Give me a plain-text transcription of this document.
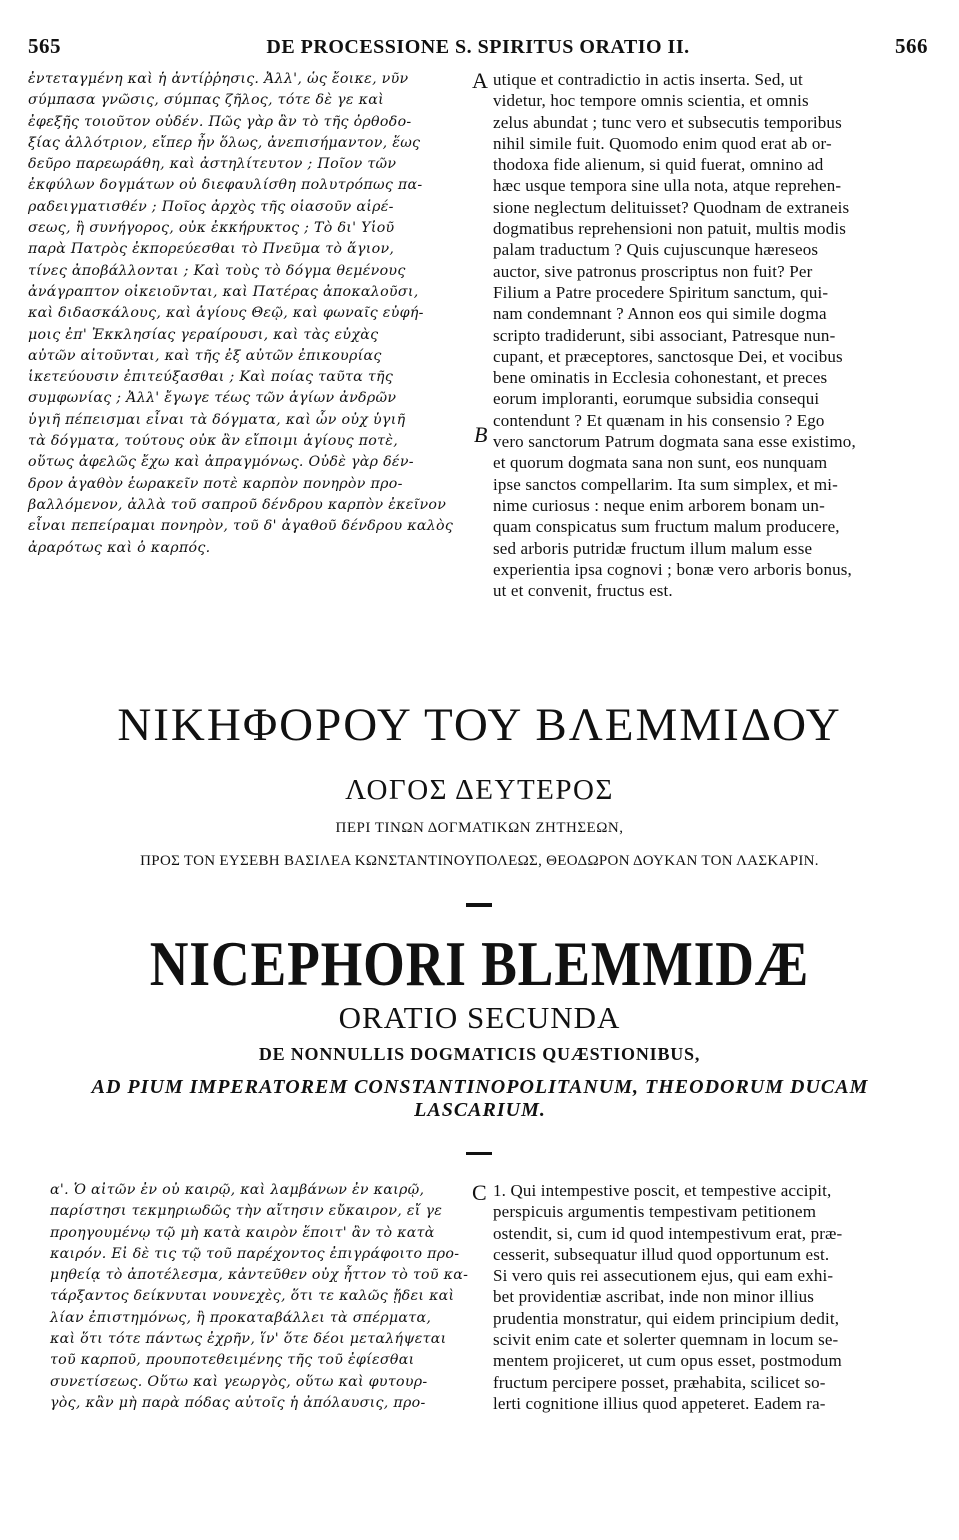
565	DE PROCESSIONE S. SPIRITUS ORATIO II.	566
ἐντεταγμένη καὶ ἡ ἀντίῤῥησις. Ἀλλ', ὡς ἔοικε, νῦν
σύμπασα γνῶσις, σύμπας ζῆλος, τότε δὲ γε καὶ
ἐφεξῆς τοιοῦτον οὐδέν. Πῶς γὰρ ἂν τὸ τῆς ὀρθοδο-
ξίας ἀλλότριον, εἴπερ ἦν ὅλως, ἀνεπισήμαντον, ἕως
δεῦρο παρεωράθη, καὶ ἀστηλίτευτον ; Ποῖον τῶν
ἐκφύλων δογμάτων οὐ διεφαυλίσθη πολυτρόπως πα-
ραδειγματισθέν ; Ποῖος ἀρχὸς τῆς οἱασοῦν αἱρέ-
σεως, ἢ συνήγορος, οὐκ ἐκκήρυκτος ; Τὸ δι' Υἱοῦ
παρὰ Πατρὸς ἐκπορεύεσθαι τὸ Πνεῦμα τὸ ἅγιον,
τίνες ἀποβάλλονται ; Καὶ τοὺς τὸ δόγμα θεμένους
ἀνάγραπτον οἰκειοῦνται, καὶ Πατέρας ἀποκαλοῦσι,
καὶ διδασκάλους, καὶ ἁγίους Θεῷ, καὶ φωναῖς εὐφή-
μοις ἐπ' Ἐκκλησίας γεραίρουσι, καὶ τὰς εὐχὰς
αὐτῶν αἰτοῦνται, καὶ τῆς ἐξ αὐτῶν ἐπικουρίας
ἱκετεύουσιν ἐπιτεύξασθαι ; Καὶ ποίας ταῦτα τῆς
συμφωνίας ; Ἀλλ' ἔγωγε τέως τῶν ἁγίων ἀνδρῶν
ὑγιῆ πέπεισμαι εἶναι τὰ δόγματα, καὶ ὧν οὐχ ὑγιῆ
τὰ δόγματα, τούτους οὐκ ἂν εἴποιμι ἁγίους ποτὲ,
οὕτως ἀφελῶς ἔχω καὶ ἀπραγμόνως. Οὐδὲ γὰρ δέν-
δρον ἀγαθὸν ἑωρακεῖν ποτὲ καρπὸν πονηρὸν προ-
βαλλόμενον, ἀλλὰ τοῦ σαπροῦ δένδρου καρπὸν ἐκεῖνον
εἶναι πεπείραμαι πονηρὸν, τοῦ δ' ἀγαθοῦ δένδρου καλὸς
ἀραρότως καὶ ὁ καρπός.
utique et contradictio in actis inserta. Sed, ut
videtur, hoc tempore omnis scientia, et omnis
zelus abundat ; tunc vero et subsecutis temporibus
nihil simile fuit. Quomodo enim quod erat ab or-
thodoxa fide alienum, si quid fuerat, omnino ad
hæc usque tempora sine ulla nota, atque reprehen-
sione neglectum delituisset? Quodnam de extraneis
dogmatibus reprehensioni non patuit, multis modis
palam traductum ? Quis cujuscunque hæreseos
auctor, sive patronus proscriptus non fuit? Per
Filium a Patre procedere Spiritum sanctum, qui-
nam condemnant ? Annon eos qui simile dogma
scripto tradiderunt, sibi associant, Patresque nun-
cupant, et præceptores, sanctosque Dei, et vocibus
bene ominatis in Ecclesia cohonestant, et preces
eorum imploranti, eorumque subsidia consequi
contendunt ? Et quænam in his consensio ? Ego
vero sanctorum Patrum dogmata sana esse existimo,
et quorum dogmata sana non sunt, eos nunquam
ipse sanctos compellarim. Ita sum simplex, et mi-
nime curiosus : neque enim arborem bonam un-
quam conspicatus sum fructum malum producere,
sed arboris putridæ fructum illum malum esse
experientia ipsa cognovi ; bonæ vero arboris bonus,
ut et convenit, fructus est.
A
B
ΝΙΚΗΦΟΡΟΥ ΤΟΥ ΒΛΕΜΜΙΔΟΥ
ΛΟΓΟΣ ΔΕΥΤΕΡΟΣ
ΠΕΡΙ ΤΙΝΩΝ ΔΟΓΜΑΤΙΚΩΝ ΖΗΤΗΣΕΩΝ,
ΠΡΟΣ ΤΟΝ ΕΥΣΕΒΗ ΒΑΣΙΛΕΑ ΚΩΝΣΤΑΝΤΙΝΟΥΠΟΛΕΩΣ, ΘΕΟΔΩΡΟΝ ΔΟΥΚΑΝ ΤΟΝ ΛΑΣΚΑΡΙΝ.
NICEPHORI BLEMMIDÆ
ORATIO SECUNDA
DE NONNULLIS DOGMATICIS QUÆSTIONIBUS,
AD PIUM IMPERATOREM CONSTANTINOPOLITANUM, THEODORUM DUCAM LASCARIUM.
α'. Ὁ αἰτῶν ἐν οὐ καιρῷ, καὶ λαμβάνων ἐν καιρῷ,
παρίστησι τεκμηριωδῶς τὴν αἴτησιν εὔκαιρον, εἴ γε
προηγουμένῳ τῷ μὴ κατὰ καιρὸν ἕποιτ' ἂν τὸ κατὰ
καιρόν. Εἰ δὲ τις τῷ τοῦ παρέχοντος ἐπιγράφοιτο προ-
μηθείᾳ τὸ ἀποτέλεσμα, κἀντεῦθεν οὐχ ἧττον τὸ τοῦ κα-
τάρξαντος δείκνυται νουνεχὲς, ὅτι τε καλῶς ᾔδει καὶ
λίαν ἐπιστημόνως, ἢ προκαταβάλλει τὰ σπέρματα,
καὶ ὅτι τότε πάντως ἐχρῆν, ἵν' ὅτε δέοι μεταλήψεται
τοῦ καρποῦ, προυποτεθειμένης τῆς τοῦ ἐφίεσθαι
συνετίσεως. Οὕτω καὶ γεωργὸς, οὕτω καὶ φυτουρ-
γὸς, κἂν μὴ παρὰ πόδας αὐτοῖς ἡ ἀπόλαυσις, προ-
1. Qui intempestive poscit, et tempestive accipit,
perspicuis argumentis tempestivam petitionem
ostendit, si, cum id quod intempestivum erat, præ-
cesserit, subsequatur illud quod opportunum est.
Si vero quis rei assecutionem ejus, qui eam exhi-
bet providentiæ ascribat, inde non minor illius
prudentia monstratur, qui eidem principium dedit,
scivit enim cate et solerter quemnam in locum se-
mentem projiceret, ut cum opus esset, postmodum
fructum percipere posset, præhabita, scilicet so-
lerti cognitione illius quod appeteret. Eadem ra-
C
